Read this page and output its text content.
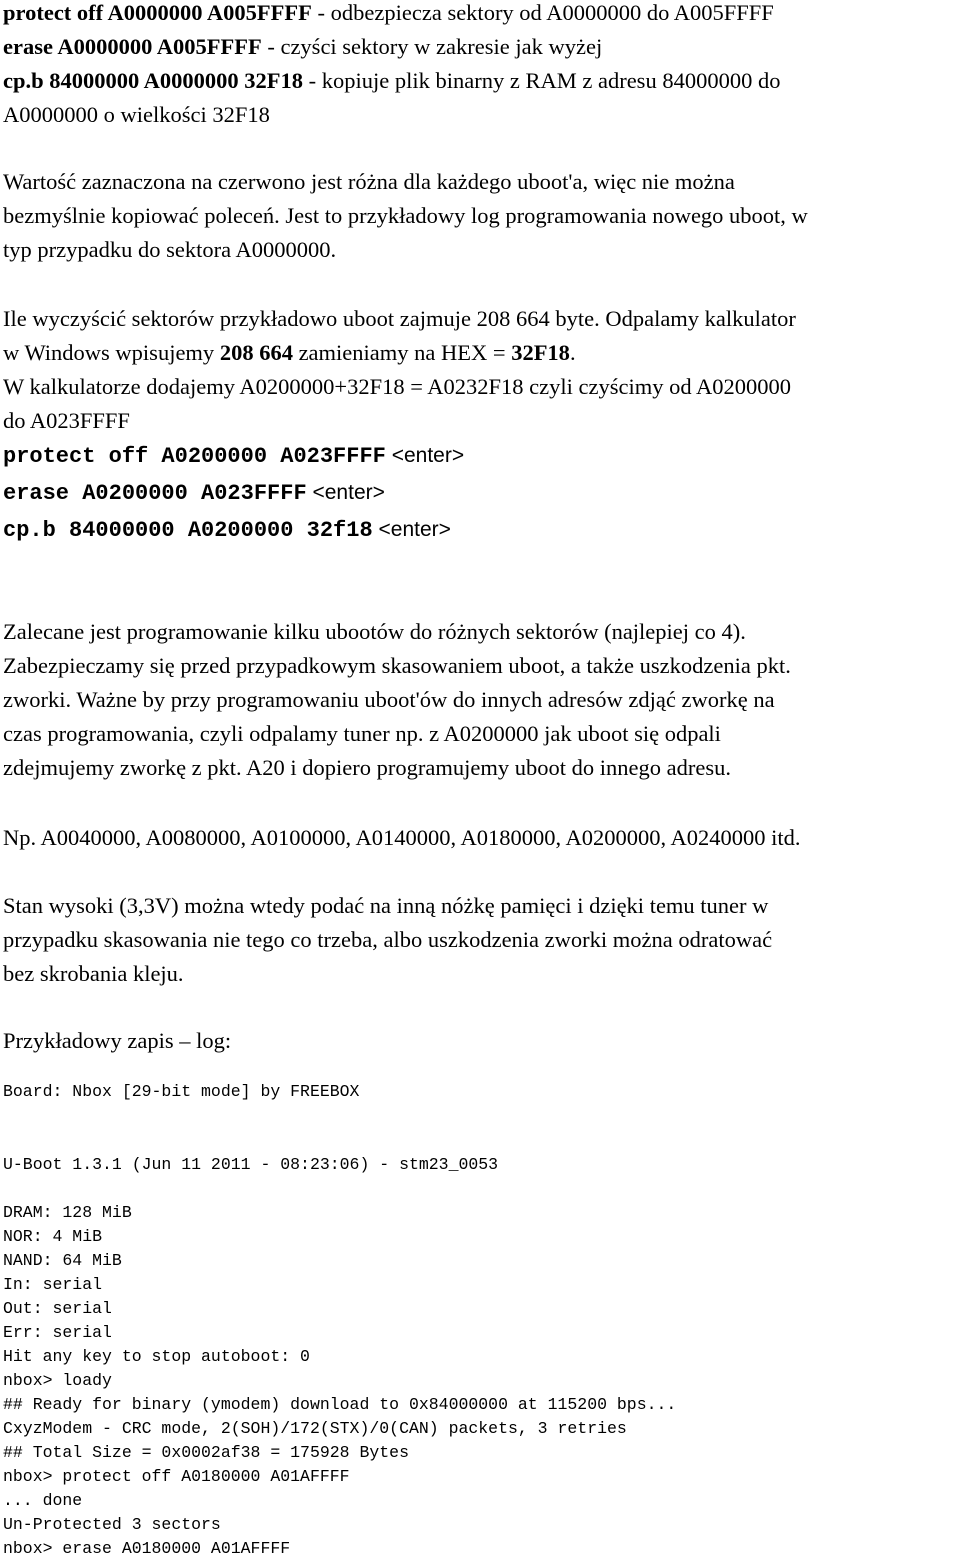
protect off A0000000 A005FFFF - odbezpiecza sektory od A0000000 do A005FFFF
erase A0000000 A005FFFF - czyści sektory w zakresie jak wyżej
cp.b 84000000 A0000000 32F18 - kopiuje plik binarny z RAM z adresu 84000000 do
A0000000 o wielkości 32F18
Wartość zaznaczona na czerwono jest różna dla każdego uboot'a, więc nie można
bezmyślnie kopiować poleceń. Jest to przykładowy log programowania nowego uboot, w
typ przypadku do sektora A0000000.
Ile wyczyścić sektorów przykładowo uboot zajmuje 208 664 byte. Odpalamy kalkulator
w Windows wpisujemy 208 664 zamieniamy na HEX = 32F18.
W kalkulatorze dodajemy A0200000+32F18 = A0232F18 czyli czyścimy od A0200000
do A023FFFF
protect off A0200000 A023FFFF <enter>
erase A0200000 A023FFFF <enter>
cp.b 84000000 A0200000 32f18 <enter>
Zalecane jest programowanie kilku ubootów do różnych sektorów (najlepiej co 4).
Zabezpieczamy się przed przypadkowym skasowaniem uboot, a także uszkodzenia pkt.
zworki. Ważne by przy programowaniu uboot'ów do innych adresów zdjąć zworkę na
czas programowania, czyli odpalamy tuner np. z A0200000 jak uboot się odpali
zdejmujemy zworkę z pkt. A20 i dopiero programujemy uboot do innego adresu.
Np. A0040000, A0080000, A0100000, A0140000, A0180000, A0200000, A0240000 itd.
Stan wysoki (3,3V) można wtedy podać na inną nóżkę pamięci i dzięki temu tuner w
przypadku skasowania nie tego co trzeba, albo uszkodzenia zworki można odratować
bez skrobania kleju.
Przykładowy zapis – log:
Board: Nbox [29-bit mode] by FREEBOX
U-Boot 1.3.1 (Jun 11 2011 - 08:23:06) - stm23_0053
DRAM: 128 MiB
NOR: 4 MiB
NAND: 64 MiB
In: serial
Out: serial
Err: serial
Hit any key to stop autoboot: 0
nbox> loady
## Ready for binary (ymodem) download to 0x84000000 at 115200 bps...
CxyzModem - CRC mode, 2(SOH)/172(STX)/0(CAN) packets, 3 retries
## Total Size = 0x0002af38 = 175928 Bytes
nbox> protect off A0180000 A01AFFFF
... done
Un-Protected 3 sectors
nbox> erase A0180000 A01AFFFF
